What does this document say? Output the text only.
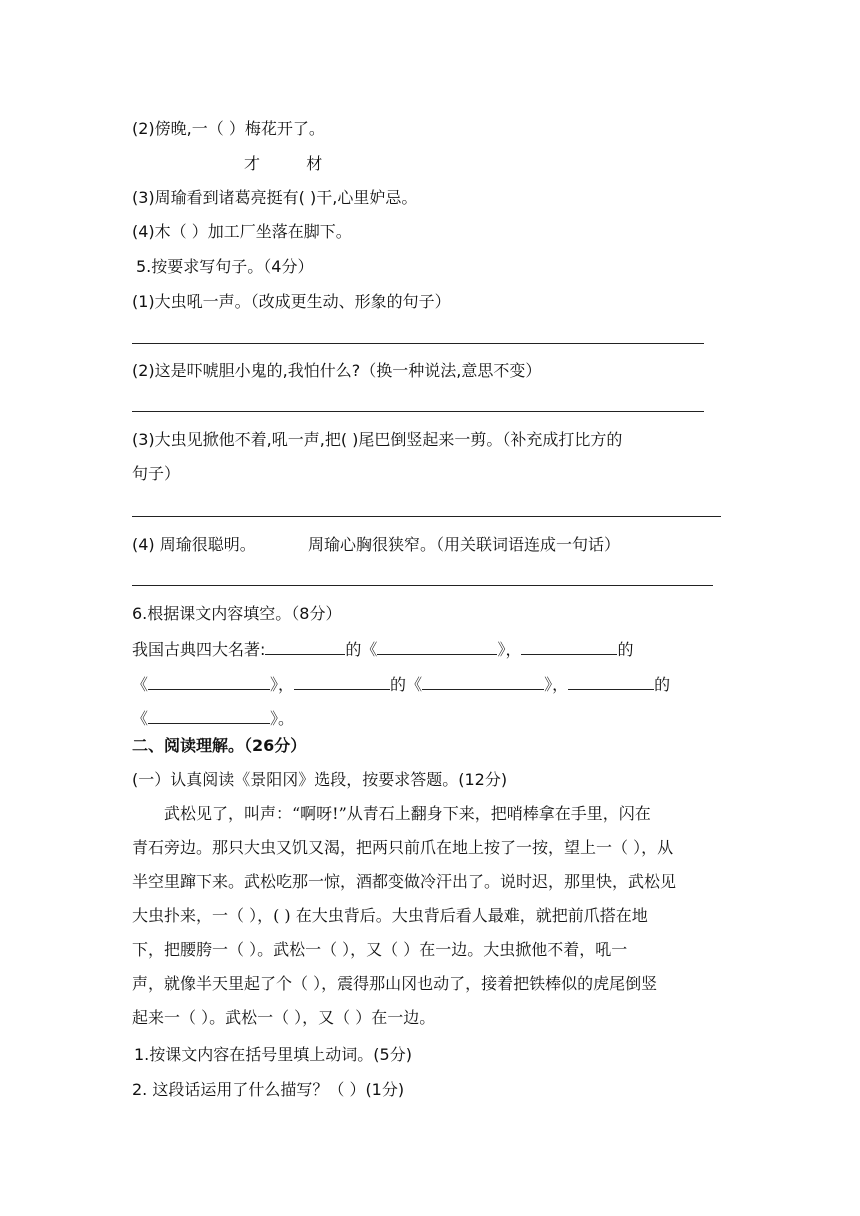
(2)傍晚,一（ ）梅花开了。
才	材
(3)周瑜看到诸葛亮挺有( )干,心里妒忌。
(4)木（ ）加工厂坐落在脚下。
5.按要求写句子。（4分）
(1)大虫吼一声。（改成更生动、形象的句子）
(2)这是吓唬胆小鬼的,我怕什么?（换一种说法,意思不变）
(3)大虫见掀他不着,吼一声,把( )尾巴倒竖起来一剪。（补充成打比方的
句子）
(4) 周瑜很聪明。	周瑜心胸很狭窄。（用关联词语连成一句话）
6.根据课文内容填空。（8分）
我国古典四大名著:	的《	》，	的
《	》，	的《	》，	的
《	》。
二、阅读理解。（26分）
(一）认真阅读《景阳冈》选段，按要求答题。(12分)
　　武松见了，叫声：“啊呀!”从青石上翻身下来，把哨棒拿在手里，闪在
青石旁边。那只大虫又饥又渴，把两只前爪在地上按了一按，望上一（ ），从
半空里蹿下来。武松吃那一惊，酒都变做冷汗出了。说时迟，那里快，武松见
大虫扑来，一（ ），( ) 在大虫背后。大虫背后看人最难，就把前爪搭在地
下，把腰胯一（ ）。武松一（ ），又（ ）在一边。大虫掀他不着，吼一
声，就像半天里起了个（ ），震得那山冈也动了，接着把铁棒似的虎尾倒竖
起来一（ ）。武松一（ ），又（ ）在一边。
1.按课文内容在括号里填上动词。(5分)
2. 这段话运用了什么描写？（ ）(1分)
